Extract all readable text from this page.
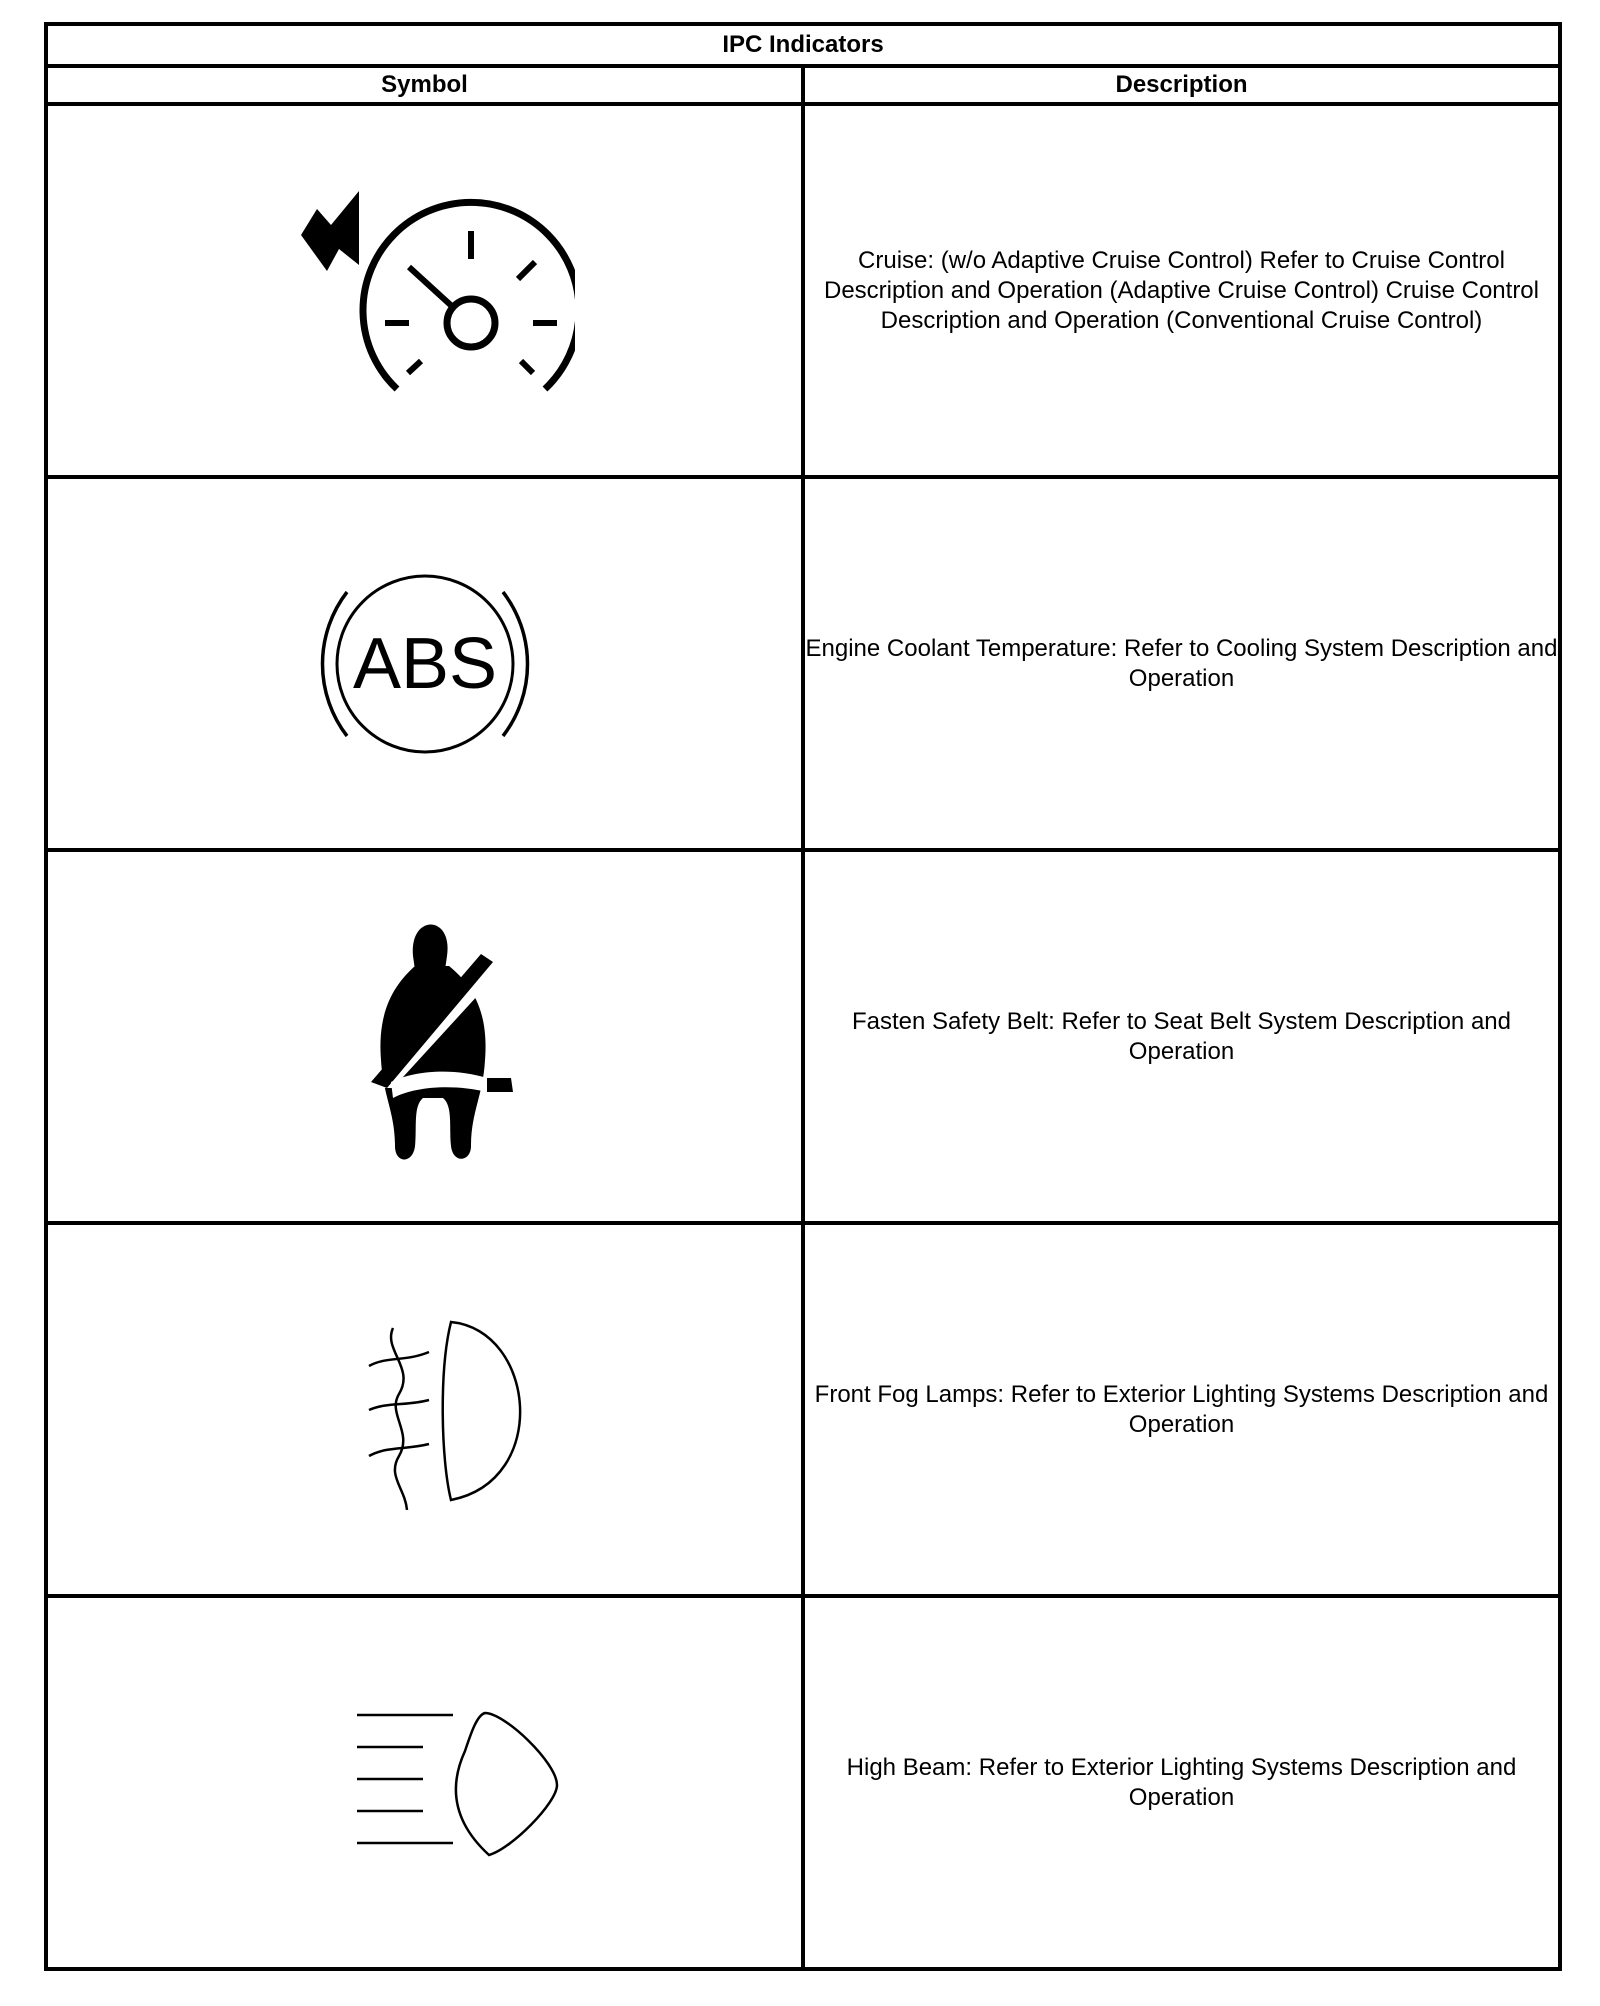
IPC Indicators	
Symbol	Description

	Cruise: (w/o Adaptive Cruise Control) Refer to Cruise Control Description and Operation (Adaptive Cruise Control) Cruise Control Description and Operation (Conventional Cruise Control)

ABS	Engine Coolant Temperature: Refer to Cooling System Description and Operation

	Fasten Safety Belt: Refer to Seat Belt System Description and Operation

	Front Fog Lamps: Refer to Exterior Lighting Systems Description and Operation

	High Beam: Refer to Exterior Lighting Systems Description and Operation
